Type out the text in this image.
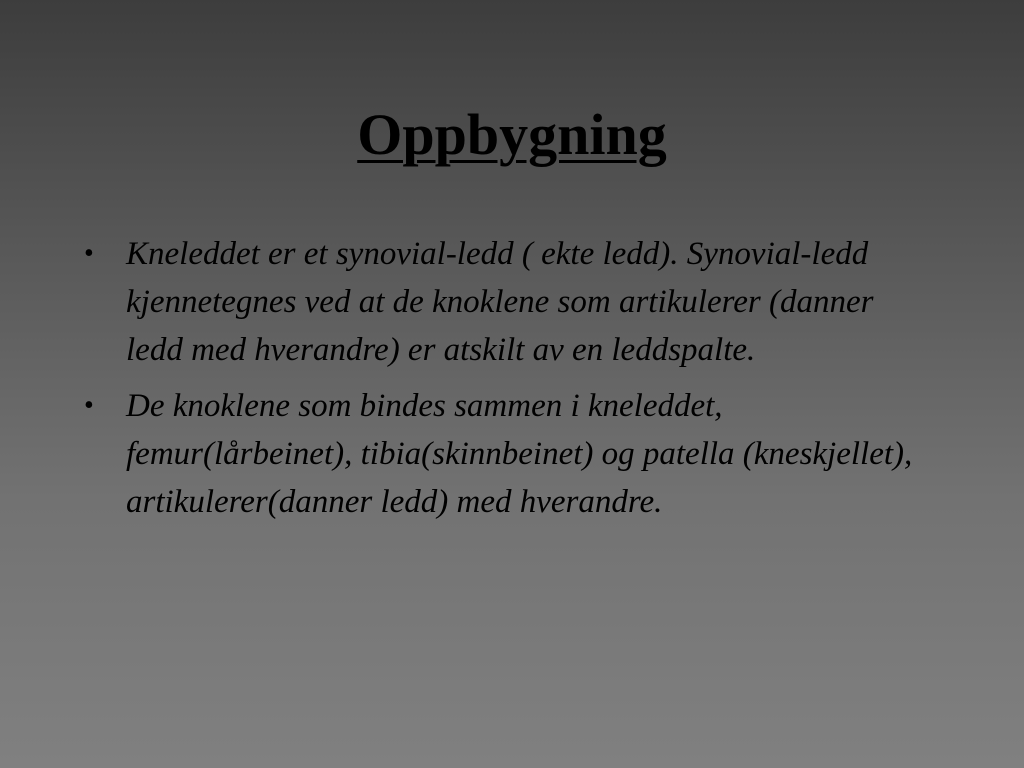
Oppbygning
• Kneleddet er et synovial-ledd ( ekte ledd). Synovial-ledd kjennetegnes ved at de knoklene som artikulerer (danner ledd med hverandre) er atskilt av en leddspalte.
• De knoklene som bindes sammen i kneleddet, femur(lårbeinet), tibia(skinnbeinet) og patella (kneskjellet), artikulerer(danner ledd) med hverandre.
